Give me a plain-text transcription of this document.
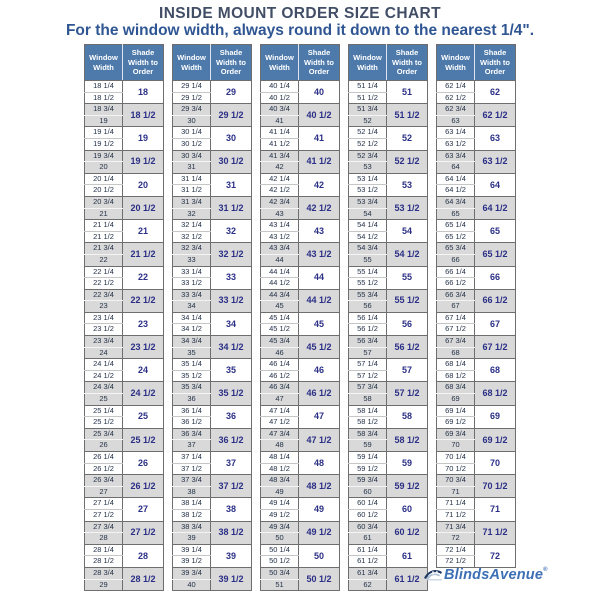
INSIDE MOUNT ORDER SIZE CHART
For the window width, always round it down to the nearest 1/4".
Window Width	Shade Width to Order
18 1/4	18
18 1/2	
18 3/4	18 1/2
19	
19 1/4	19
19 1/2	
19 3/4	19 1/2
20	
20 1/4	20
20 1/2	
20 3/4	20 1/2
21	
21 1/4	21
21 1/2	
21 3/4	21 1/2
22	
22 1/4	22
22 1/2	
22 3/4	22 1/2
23	
23 1/4	23
23 1/2	
23 3/4	23 1/2
24	
24 1/4	24
24 1/2	
24 3/4	24 1/2
25	
25 1/4	25
25 1/2	
25 3/4	25 1/2
26	
26 1/4	26
26 1/2	
26 3/4	26 1/2
27	
27 1/4	27
27 1/2	
27 3/4	27 1/2
28	
28 1/4	28
28 1/2	
28 3/4	28 1/2
29	
Window Width	Shade Width to Order
29 1/4	29
29 1/2	
29 3/4	29 1/2
30	
30 1/4	30
30 1/2	
30 3/4	30 1/2
31	
31 1/4	31
31 1/2	
31 3/4	31 1/2
32	
32 1/4	32
32 1/2	
32 3/4	32 1/2
33	
33 1/4	33
33 1/2	
33 3/4	33 1/2
34	
34 1/4	34
34 1/2	
34 3/4	34 1/2
35	
35 1/4	35
35 1/2	
35 3/4	35 1/2
36	
36 1/4	36
36 1/2	
36 3/4	36 1/2
37	
37 1/4	37
37 1/2	
37 3/4	37 1/2
38	
38 1/4	38
38 1/2	
38 3/4	38 1/2
39	
39 1/4	39
39 1/2	
39 3/4	39 1/2
40	
Window Width	Shade Width to Order
40 1/4	40
40 1/2	
40 3/4	40 1/2
41	
41 1/4	41
41 1/2	
41 3/4	41 1/2
42	
42 1/4	42
42 1/2	
42 3/4	42 1/2
43	
43 1/4	43
43 1/2	
43 3/4	43 1/2
44	
44 1/4	44
44 1/2	
44 3/4	44 1/2
45	
45 1/4	45
45 1/2	
45 3/4	45 1/2
46	
46 1/4	46
46 1/2	
46 3/4	46 1/2
47	
47 1/4	47
47 1/2	
47 3/4	47 1/2
48	
48 1/4	48
48 1/2	
48 3/4	48 1/2
49	
49 1/4	49
49 1/2	
49 3/4	49 1/2
50	
50 1/4	50
50 1/2	
50 3/4	50 1/2
51	
Window Width	Shade Width to Order
51 1/4	51
51 1/2	
51 3/4	51 1/2
52	
52 1/4	52
52 1/2	
52 3/4	52 1/2
53	
53 1/4	53
53 1/2	
53 3/4	53 1/2
54	
54 1/4	54
54 1/2	
54 3/4	54 1/2
55	
55 1/4	55
55 1/2	
55 3/4	55 1/2
56	
56 1/4	56
56 1/2	
56 3/4	56 1/2
57	
57 1/4	57
57 1/2	
57 3/4	57 1/2
58	
58 1/4	58
58 1/2	
58 3/4	58 1/2
59	
59 1/4	59
59 1/2	
59 3/4	59 1/2
60	
60 1/4	60
60 1/2	
60 3/4	60 1/2
61	
61 1/4	61
61 1/2	
61 3/4	61 1/2
62	
Window Width	Shade Width to Order
62 1/4	62
62 1/2	
62 3/4	62 1/2
63	
63 1/4	63
63 1/2	
63 3/4	63 1/2
64	
64 1/4	64
64 1/2	
64 3/4	64 1/2
65	
65 1/4	65
65 1/2	
65 3/4	65 1/2
66	
66 1/4	66
66 1/2	
66 3/4	66 1/2
67	
67 1/4	67
67 1/2	
67 3/4	67 1/2
68	
68 1/4	68
68 1/2	
68 3/4	68 1/2
69	
69 1/4	69
69 1/2	
69 3/4	69 1/2
70	
70 1/4	70
70 1/2	
70 3/4	70 1/2
71	
71 1/4	71
71 1/2	
71 3/4	71 1/2
72	
72 1/4	72
72 1/2	
BlindsAvenue ®
